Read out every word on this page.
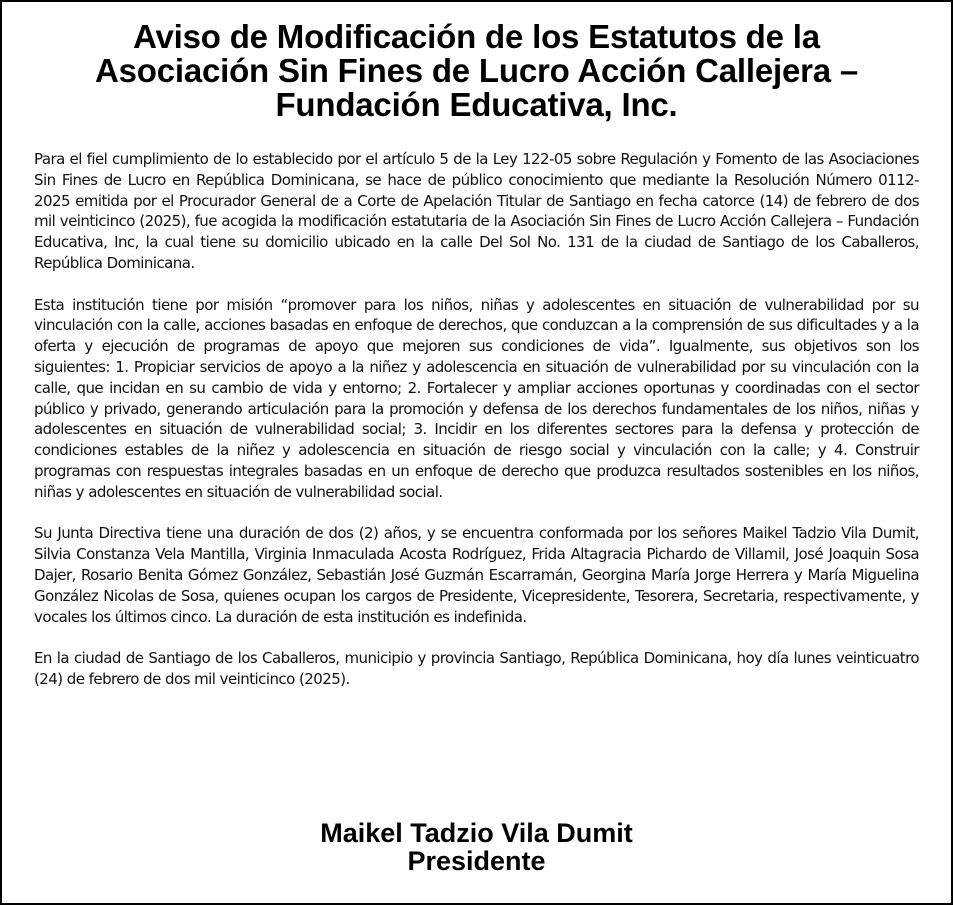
Aviso de Modificación de los Estatutos de la
Asociación Sin Fines de Lucro Acción Callejera –
Fundación Educativa, Inc.

Para el fiel cumplimiento de lo establecido por el artículo 5 de la Ley 122-05 sobre Regulación y Fomento de las Asociaciones Sin Fines de Lucro en República Dominicana, se hace de público conocimiento que mediante la Resolución Número 0112-2025 emitida por el Procurador General de a Corte de Apelación Titular de Santiago en fecha catorce (14) de febrero de dos mil veinticinco (2025), fue acogida la modificación estatutaria de la Asociación Sin Fines de Lucro Acción Callejera – Fundación Educativa, Inc, la cual tiene su domicilio ubicado en la calle Del Sol No. 131 de la ciudad de Santiago de los Caballeros, República Dominicana.

Esta institución tiene por misión “promover para los niños, niñas y adolescentes en situación de vulnerabilidad por su vinculación con la calle, acciones basadas en enfoque de derechos, que conduzcan a la comprensión de sus dificultades y a la oferta y ejecución de programas de apoyo que mejoren sus condiciones de vida”. Igualmente, sus objetivos son los siguientes: 1. Propiciar servicios de apoyo a la niñez y adolescencia en situación de vulnerabilidad por su vinculación con la calle, que incidan en su cambio de vida y entorno; 2. Fortalecer y ampliar acciones oportunas y coordinadas con el sector público y privado, generando articulación para la promoción y defensa de los derechos fundamentales de los niños, niñas y adolescentes en situación de vulnerabilidad social; 3. Incidir en los diferentes sectores para la defensa y protección de condiciones estables de la niñez y adolescencia en situación de riesgo social y vinculación con la calle; y 4. Construir programas con respuestas integrales basadas en un enfoque de derecho que produzca resultados sostenibles en los niños, niñas y adolescentes en situación de vulnerabilidad social.

Su Junta Directiva tiene una duración de dos (2) años, y se encuentra conformada por los señores Maikel Tadzio Vila Dumit, Silvia Constanza Vela Mantilla, Virginia Inmaculada Acosta Rodríguez, Frida Altagracia Pichardo de Villamil, José Joaquin Sosa Dajer, Rosario Benita Gómez González, Sebastián José Guzmán Escarramán, Georgina María Jorge Herrera y María Miguelina González Nicolas de Sosa, quienes ocupan los cargos de Presidente, Vicepresidente, Tesorera, Secretaria, respectivamente, y vocales los últimos cinco. La duración de esta institución es indefinida.

En la ciudad de Santiago de los Caballeros, municipio y provincia Santiago, República Dominicana, hoy día lunes veinticuatro (24) de febrero de dos mil veinticinco (2025).

Maikel Tadzio Vila Dumit
Presidente
